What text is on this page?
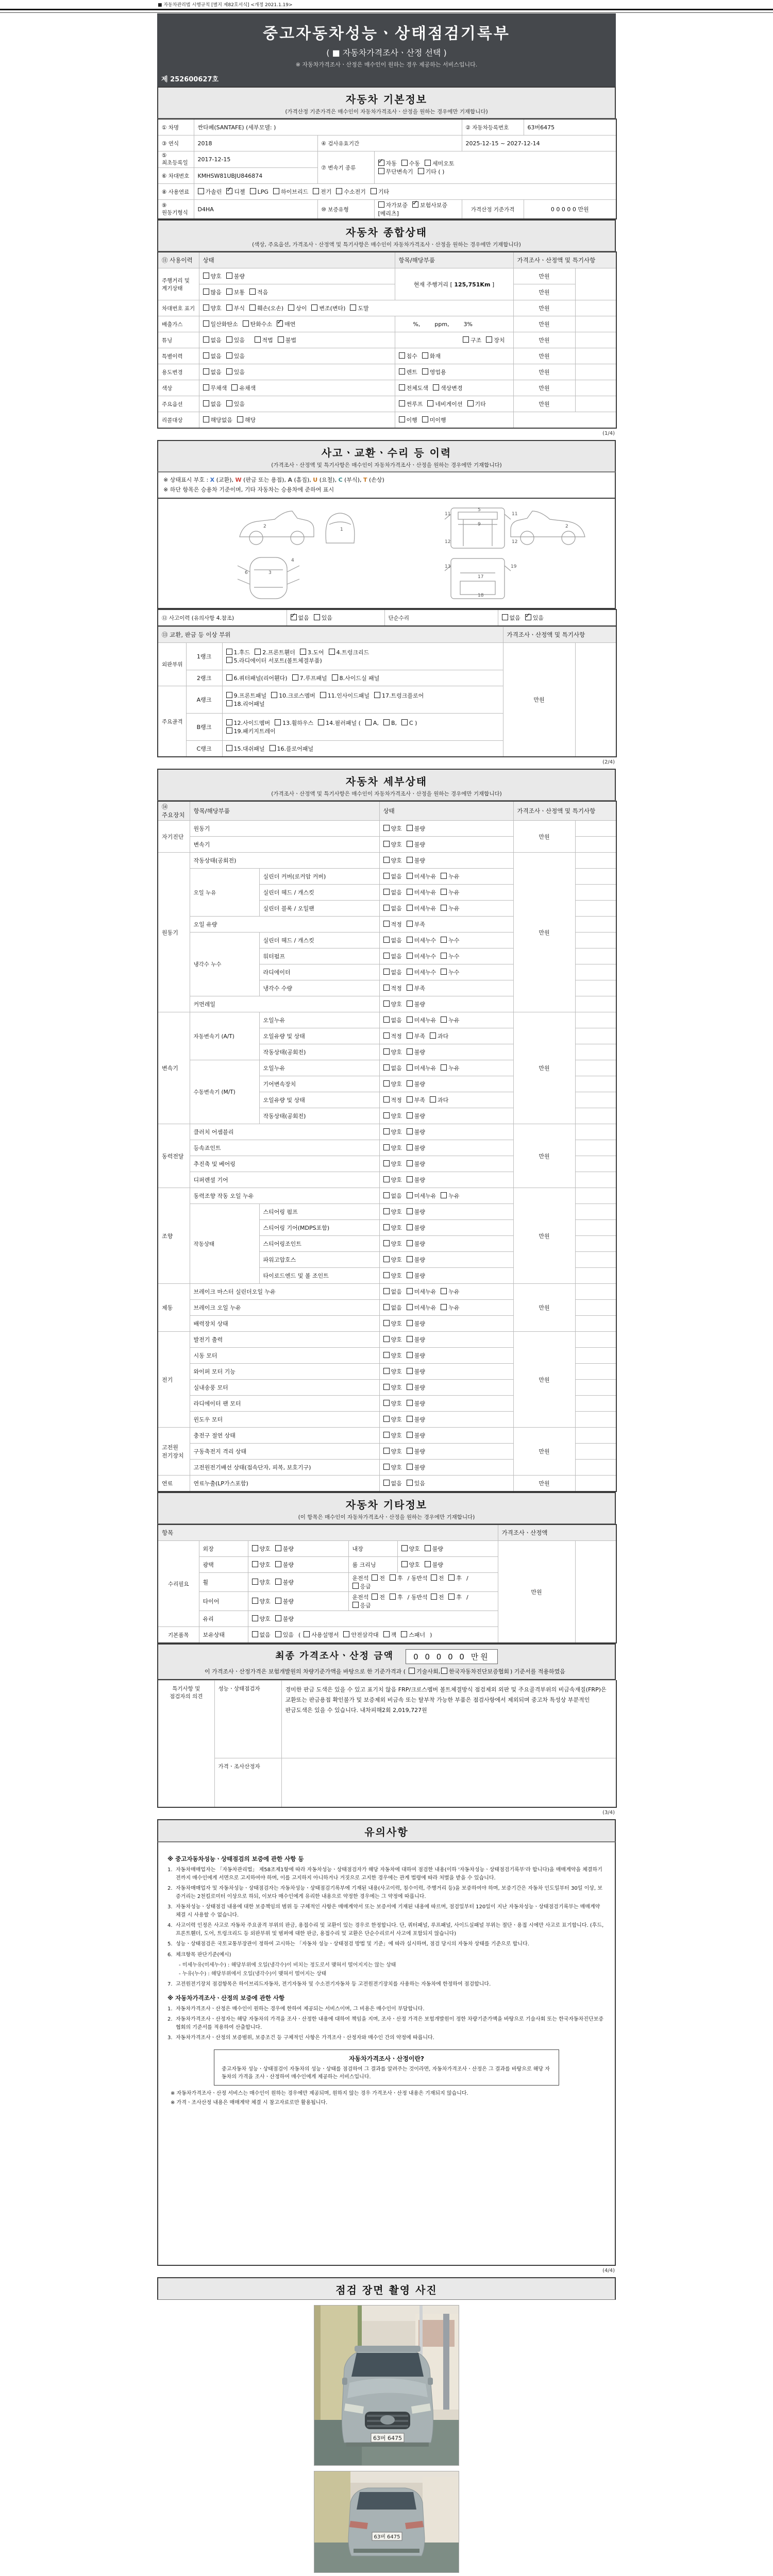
■ 자동차관리법 시행규칙 [별지 제82호서식] <개정 2021.1.19>
중고자동차성능ㆍ상태점검기록부
( ■ 자동차가격조사ㆍ산정 선택 )
※ 자동차가격조사ㆍ산정은 매수인이 원하는 경우 제공하는 서비스입니다.
제 252600627호
자동차 기본정보
(가격산정 기준가격은 매수인이 자동차가격조사ㆍ산정을 원하는 경우에만 기재합니다)
① 차명	싼타페(SANTAFE) (세부모델: )			② 자동차등록번호	63버6475
③ 연식	2018	④ 검사유효기간		2025-12-15 ~ 2027-12-14	
⑤ 최초등록일	2017-12-15	⑦ 변속기 종류	
✓자동 수동 세미오토
무단변속기 기타 ( )

⑥ 차대번호	KMHSW81UBJU846874				
⑧ 사용연료	가솔린 ✓ 디젤 LPG 하이브리드 전기 수소전기 기타
⑨ 원동기형식	D4HA	⑩ 보증유형	자가보증 ✓ 보험사보증[메리츠]	가격산정 기준가격	0 0 0 0 0 만원
자동차 종합상태
(색상, 주요옵션, 가격조사ㆍ산정액 및 특기사항은 매수인이 자동차가격조사ㆍ산정을 원하는 경우에만 기재합니다)
⑪ 사용이력	상태	항목/해당부품	가격조사ㆍ산정액 및 특기사항	
주행거리 및 계기상태	양호 불량	현재 주행거리 [ 125,751Km ]	만원	
	많음 보통 적음		만원	
차대번호 표기	양호 부식 훼손(오손) 상이 변조(변타) 도말		만원	
배출가스	일산화탄소 탄화수소 ✓ 매연	%,        ppm,        3%	만원	
튜닝	없음 있음 적법 불법	구조 장치	만원	
특별이력	없음 있음	침수 화재	만원	
용도변경	없음 있음	렌트 영업용	만원	
색상	무채색 유채색	전체도색 색상변경	만원	
주요옵션	없음 있음	썬루프 네비게이션 기타	만원	
리콜대상	해당없음 해당	이행 미이행		
(1/4)
사고ㆍ교환ㆍ수리 등 이력
(가격조사ㆍ산정액 및 특기사항은 매수인이 자동차가격조사ㆍ산정을 원하는 경우에만 기재합니다)
※ 상태표시 부호 : X (교환), W (판금 또는 용접), A (흠집), U (요철), C (부식), T (손상)
※ 하단 항목은 승용차 기준이며, 기타 자동차는 승용차에 준하여 표시
2
1
11
5
11
9
12	12
2
3
4
6
13
17
18
19
⑫ 사고이력 (유의사항 4.참조)	✓없음 있음	단순수리	없음 ✓ 있음
⑬ 교환, 판금 등 이상 부위			가격조사ㆍ산정액 및 특기사항	
외판부위	1랭크	1.후드 2.프론트휀더 3.도어 4.트렁크리드
5.라디에이터 서포트(볼트체결부품)	만원	
	2랭크	6.쿼터패널(리어휀다) 7.루프패널 8.사이드실 패널		
주요골격	A랭크	9.프론트패널 10.크로스멤버 11.인사이드패널 17.트렁크플로어
18.리어패널		
	B랭크	12.사이드멤버 13.휠하우스 14.필러패널 ( A, B, C )
19.패키지트레이		
	C랭크	15.대쉬패널 16.플로어패널		
(2/4)
자동차 세부상태
(가격조사ㆍ산정액 및 특기사항은 매수인이 자동차가격조사ㆍ산정을 원하는 경우에만 기재합니다)
⑭ 주요장치	항목/해당부품		상태	가격조사ㆍ산정액 및 특기사항	
자기진단	원동기		양호 불량	만원	
	변속기		양호 불량		
원동기	작동상태(공회전)		양호 불량	만원	
	오일 누유	실린더 커버(로커암 커버)	없음 미세누유 누유		
		실린더 헤드 / 개스킷	없음 미세누유 누유		
		실린더 블록 / 오일팬	없음 미세누유 누유		
	오일 유량		적정 부족		
	냉각수 누수	실린더 헤드 / 개스킷	없음 미세누수 누수		
		워터펌프	없음 미세누수 누수		
		라디에이터	없음 미세누수 누수		
		냉각수 수량	적정 부족		
	커먼레일		양호 불량		
변속기	자동변속기 (A/T)	오일누유	없음 미세누유 누유	만원	
		오일유량 및 상태	적정 부족 과다		
		작동상태(공회전)	양호 불량		
	수동변속기 (M/T)	오일누유	없음 미세누유 누유		
		기어변속장치	양호 불량		
		오일유량 및 상태	적정 부족 과다		
		작동상태(공회전)	양호 불량		
동력전달	클러치 어셈블리		양호 불량	만원	
	등속죠인트		양호 불량		
	추진축 및 베어링		양호 불량		
	디퍼렌셜 기어		양호 불량		
조향	동력조향 작동 오일 누유		없음 미세누유 누유	만원	
	작동상태	스티어링 펌프	양호 불량		
		스티어링 기어(MDPS포함)	양호 불량		
		스티어링조인트	양호 불량		
		파워고압호스	양호 불량		
		타이로드엔드 및 볼 조인트	양호 불량		
제동	브레이크 마스터 실린더오일 누유		없음 미세누유 누유	만원	
	브레이크 오일 누유		없음 미세누유 누유		
	배력장치 상태		양호 불량		
전기	발전기 출력		양호 불량	만원	
	시동 모터		양호 불량		
	와이퍼 모터 기능		양호 불량		
	실내송풍 모터		양호 불량		
	라디에이터 팬 모터		양호 불량		
	윈도우 모터		양호 불량		
고전원 전기장치	충전구 절연 상태		양호 불량	만원	
	구동축전지 격리 상태		양호 불량		
	고전원전기배선 상태(접속단자, 피복, 보호기구)		양호 불량		
연료	연료누출(LP가스포함)		없음 있음	만원	
자동차 기타정보
(이 항목은 매수인이 자동차가격조사ㆍ산정을 원하는 경우에만 기재합니다)
항목					가격조사ㆍ산정액	
수리필요	외장	양호 불량	내장	양호 불량	만원	
	광택	양호 불량	룸 크리닝	양호 불량		
	휠	양호 불량	운전석 전 후 / 동반석 전 후 /응급			
	타이어	양호 불량	운전석 전 후 / 동반석 전 후 /응급			
	유리	양호 불량				
기본품목	보유상태	없음 있음 ( 사용설명서 안전삼각대 잭 스패너 )				
최종 가격조사ㆍ산정 금액	0 0 0 0 0 만원
이 가격조사ㆍ산정가격은 보험개발원의 차량기준가액을 바탕으로 한 기준가격과 ( 기술사회, 한국자동차진단보증협회 ) 기준서를 적용하였음
특기사항 및 점검자의 의견	성능ㆍ상태점검자	경미한 판금 도색은 있을 수 있고 표기치 않음 FRP/크로스멤버 볼트체결방식 점검제외 외판 및 주요골격부위의 비금속재질(FRP)은 교환또는 판금용접 확인불가 및 보증제외 비금속 또는 탈부착 가능한 부품은 점검사항에서 제외되며 중고차 특성상 부분적인 판금도색은 있을 수 있습니다. 내차피해2회 2,019,727원
	가격ㆍ조사산정자	
(3/4)
유의사항
※ 중고자동차성능ㆍ상태점검의 보증에 관한 사항 등
1. 자동차매매업자는 「자동차관리법」 제58조제1항에 따라 자동차성능ㆍ상태점검자가 해당 자동차에 대하여 점검한 내용(이하 '자동차성능ㆍ상태점검기록부'라 합니다)을 매매계약을 체결하기 전까지 매수인에게 서면으로 고지하여야 하며, 이를 고지하지 아니하거나 거짓으로 고지한 경우에는 관계 법령에 따라 처벌을 받을 수 있습니다.
2. 자동차매매업자 및 자동차성능ㆍ상태점검자는 자동차성능ㆍ상태점검기록부에 기재된 내용(사고이력, 침수이력, 주행거리 등)을 보증하여야 하며, 보증기간은 자동차 인도일부터 30일 이상, 보증거리는 2천킬로미터 이상으로 하되, 이보다 매수인에게 유리한 내용으로 약정한 경우에는 그 약정에 따릅니다.
3. 자동차성능ㆍ상태점검 내용에 대한 보증책임의 범위 등 구체적인 사항은 매매계약서 또는 보증서에 기재된 내용에 따르며, 점검일부터 120일이 지난 자동차성능ㆍ상태점검기록부는 매매계약 체결 시 사용할 수 없습니다.
4. 사고이력 인정은 사고로 자동차 주요골격 부위의 판금, 용접수리 및 교환이 있는 경우로 한정합니다. 단, 쿼터패널, 루프패널, 사이드실패널 부위는 절단ㆍ용접 시에만 사고로 표기합니다. (후드, 프론트휀더, 도어, 트렁크리드 등 외판부위 및 범퍼에 대한 판금, 용접수리 및 교환은 단순수리로서 사고에 포함되지 않습니다)
5. 성능ㆍ상태점검은 국토교통부장관이 정하여 고시하는 「자동차 성능ㆍ상태점검 방법 및 기준」에 따라 실시하며, 점검 당시의 자동차 상태를 기준으로 합니다.
6. 체크항목 판단기준(예시)
- 미세누유(미세누수) : 해당부위에 오일(냉각수)이 비치는 정도로서 맺혀서 떨어지지는 않는 상태
- 누유(누수) : 해당부위에서 오일(냉각수)이 맺혀서 떨어지는 상태
7. 고전원전기장치 점검항목은 하이브리드자동차, 전기자동차 및 수소전기자동차 등 고전원전기장치를 사용하는 자동차에 한정하여 점검합니다.
※ 자동차가격조사ㆍ산정의 보증에 관한 사항
1. 자동차가격조사ㆍ산정은 매수인이 원하는 경우에 한하여 제공되는 서비스이며, 그 비용은 매수인이 부담합니다.
2. 자동차가격조사ㆍ산정자는 해당 자동차의 가격을 조사ㆍ산정한 내용에 대하여 책임을 지며, 조사ㆍ산정 가격은 보험개발원이 정한 차량기준가액을 바탕으로 기술사회 또는 한국자동차진단보증협회의 기준서를 적용하여 산출합니다.
3. 자동차가격조사ㆍ산정의 보증범위, 보증조건 등 구체적인 사항은 가격조사ㆍ산정자와 매수인 간의 약정에 따릅니다.
자동차가격조사ㆍ산정이란?
중고자동차 성능ㆍ상태점검이 자동차의 성능ㆍ상태를 점검하여 그 결과를 알려주는 것이라면, 자동차가격조사ㆍ산정은 그 결과를 바탕으로 해당 자동차의 가격을 조사ㆍ산정하여 매수인에게 제공하는 서비스입니다.
※ 자동차가격조사ㆍ산정 서비스는 매수인이 원하는 경우에만 제공되며, 원하지 않는 경우 가격조사ㆍ산정 내용은 기재되지 않습니다.
※ 가격ㆍ조사산정 내용은 매매계약 체결 시 참고자료로만 활용됩니다.
(4/4)
점검 장면 촬영 사진
63버 6475
63버 6475
